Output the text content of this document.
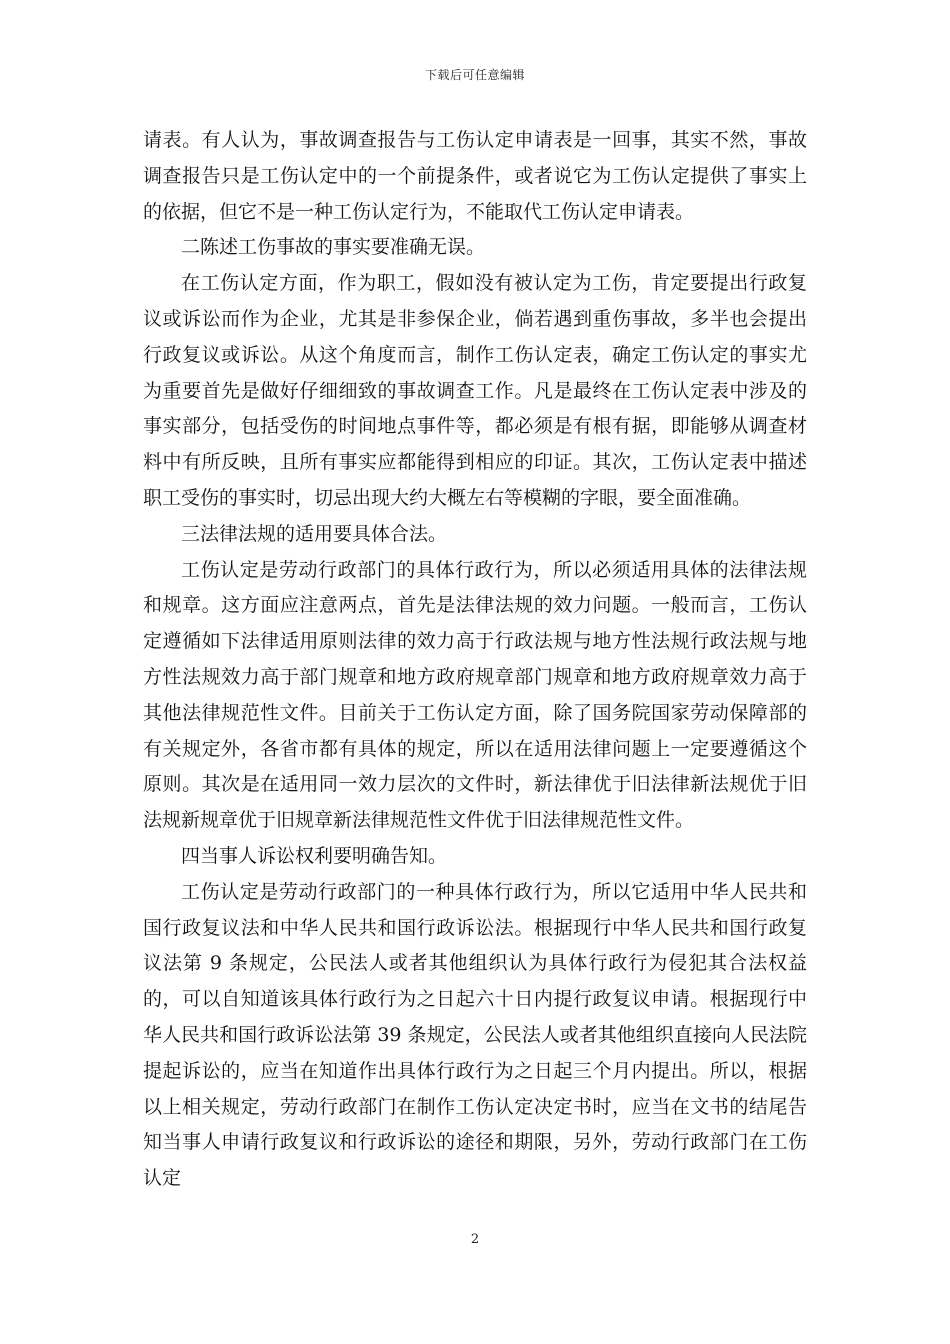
下载后可任意编辑

请表。有人认为，事故调查报告与工伤认定申请表是一回事，其实不然，事故调查报告只是工伤认定中的一个前提条件，或者说它为工伤认定提供了事实上的依据，但它不是一种工伤认定行为，不能取代工伤认定申请表。

二陈述工伤事故的事实要准确无误。

在工伤认定方面，作为职工，假如没有被认定为工伤，肯定要提出行政复议或诉讼而作为企业，尤其是非参保企业，倘若遇到重伤事故，多半也会提出行政复议或诉讼。从这个角度而言，制作工伤认定表，确定工伤认定的事实尤为重要首先是做好仔细细致的事故调查工作。凡是最终在工伤认定表中涉及的事实部分，包括受伤的时间地点事件等，都必须是有根有据，即能够从调查材料中有所反映，且所有事实应都能得到相应的印证。其次，工伤认定表中描述职工受伤的事实时，切忌出现大约大概左右等模糊的字眼，要全面准确。

三法律法规的适用要具体合法。

工伤认定是劳动行政部门的具体行政行为，所以必须适用具体的法律法规和规章。这方面应注意两点，首先是法律法规的效力问题。一般而言，工伤认定遵循如下法律适用原则法律的效力高于行政法规与地方性法规行政法规与地方性法规效力高于部门规章和地方政府规章部门规章和地方政府规章效力高于其他法律规范性文件。目前关于工伤认定方面，除了国务院国家劳动保障部的有关规定外，各省市都有具体的规定，所以在适用法律问题上一定要遵循这个原则。其次是在适用同一效力层次的文件时，新法律优于旧法律新法规优于旧法规新规章优于旧规章新法律规范性文件优于旧法律规范性文件。

四当事人诉讼权利要明确告知。

工伤认定是劳动行政部门的一种具体行政行为，所以它适用中华人民共和国行政复议法和中华人民共和国行政诉讼法。根据现行中华人民共和国行政复议法第 9 条规定，公民法人或者其他组织认为具体行政行为侵犯其合法权益的，可以自知道该具体行政行为之日起六十日内提行政复议申请。根据现行中华人民共和国行政诉讼法第 39 条规定，公民法人或者其他组织直接向人民法院提起诉讼的，应当在知道作出具体行政行为之日起三个月内提出。所以，根据以上相关规定，劳动行政部门在制作工伤认定决定书时，应当在文书的结尾告知当事人申请行政复议和行政诉讼的途径和期限，另外，劳动行政部门在工伤认定

2
